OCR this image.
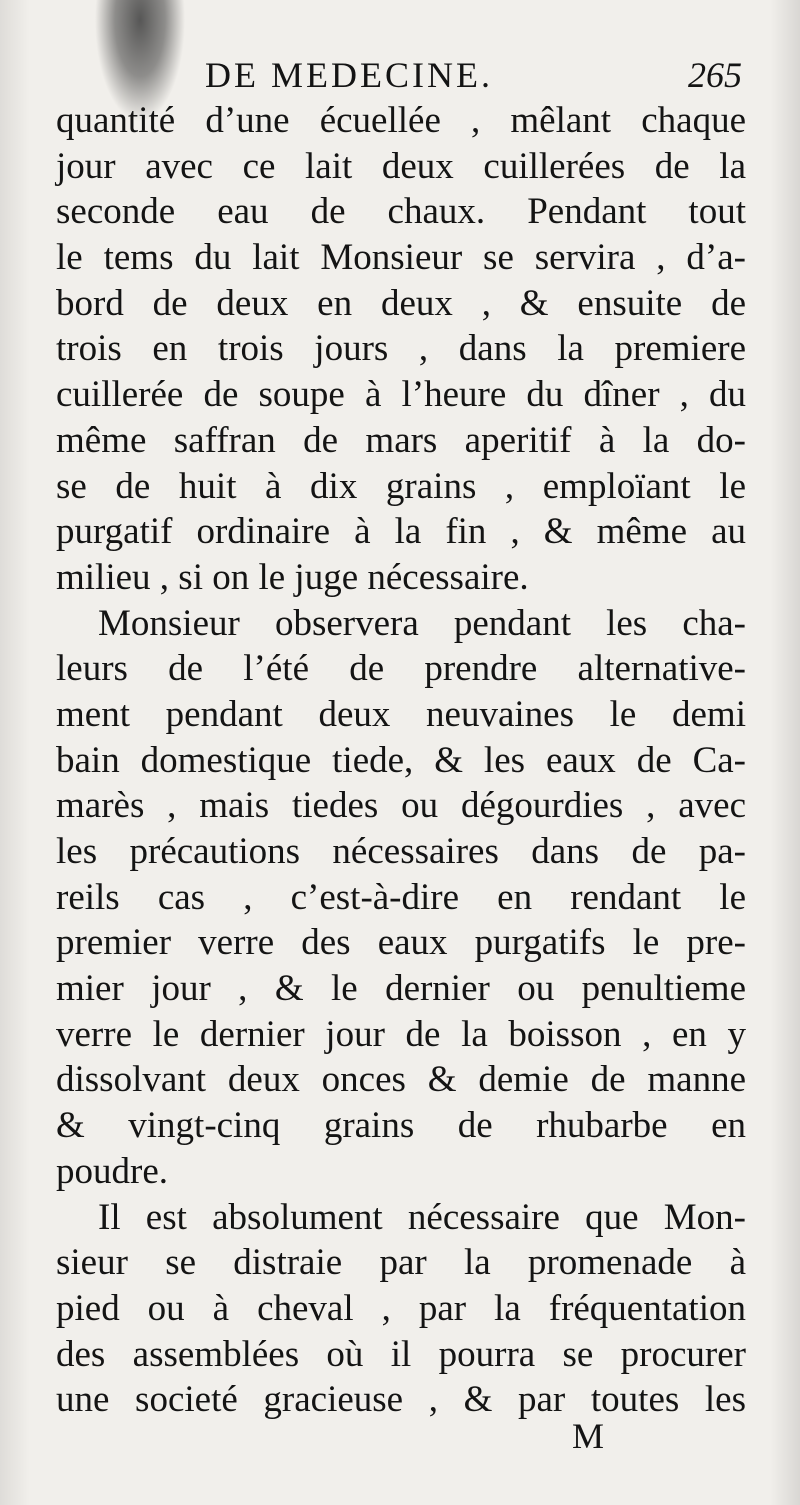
DE MEDECINE.	265
quantité d’une écuellée , mêlant chaque
jour avec ce lait deux cuillerées de la
seconde eau de chaux. Pendant tout
le tems du lait Monsieur se servira , d’a-
bord de deux en deux , & ensuite de
trois en trois jours , dans la premiere
cuillerée de soupe à l’heure du dîner , du
même saffran de mars aperitif à la do-
se de huit à dix grains , emploïant le
purgatif ordinaire à la fin , & même au
milieu , si on le juge nécessaire.
Monsieur observera pendant les cha-
leurs de l’été de prendre alternative-
ment pendant deux neuvaines le demi
bain domestique tiede, & les eaux de Ca-
marès , mais tiedes ou dégourdies , avec
les précautions nécessaires dans de pa-
reils cas , c’est-à-dire en rendant le
premier verre des eaux purgatifs le pre-
mier jour , & le dernier ou penultieme
verre le dernier jour de la boisson , en y
dissolvant deux onces & demie de manne
& vingt-cinq grains de rhubarbe en
poudre.
Il est absolument nécessaire que Mon-
sieur se distraie par la promenade à
pied ou à cheval , par la fréquentation
des assemblées où il pourra se procurer
une societé gracieuse , & par toutes les
M
